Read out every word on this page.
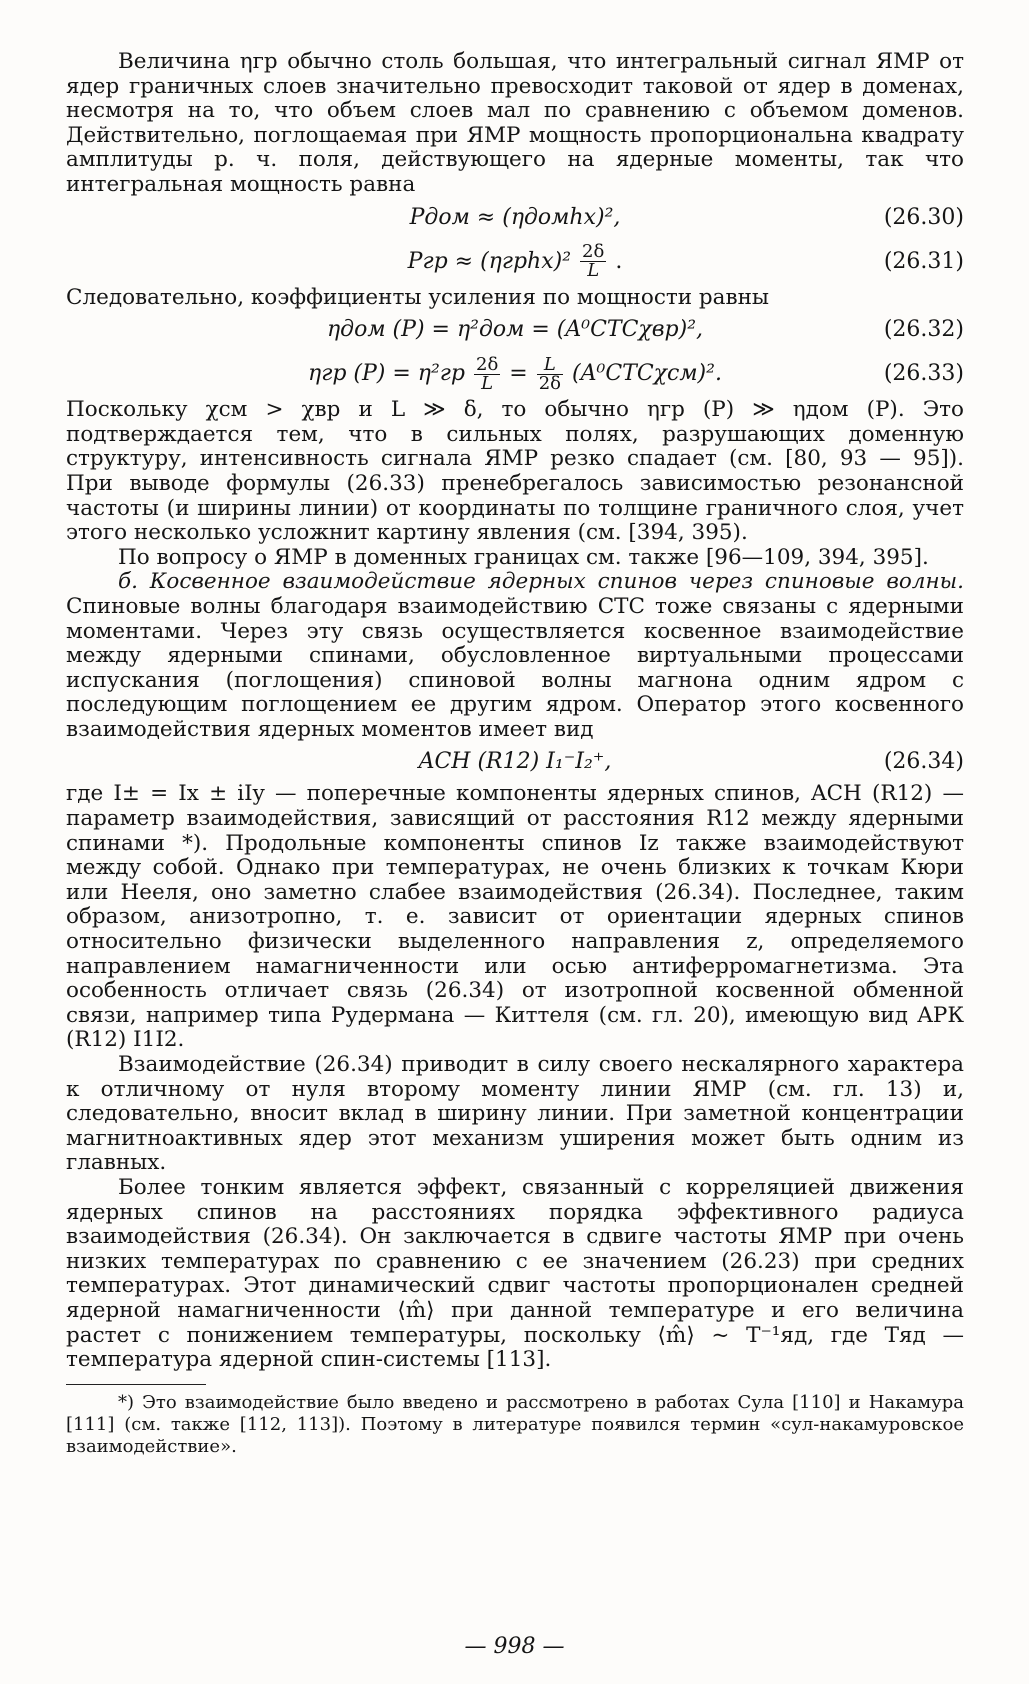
Величина ηгр обычно столь большая, что интегральный сигнал ЯМР от ядер граничных слоев значительно превосходит таковой от ядер в доменах, несмотря на то, что объем слоев мал по сравнению с объемом доменов. Действительно, поглощаемая при ЯМР мощность пропорциональна квадрату амплитуды р. ч. поля, действующего на ядерные моменты, так что интегральная мощность равна

Pдом ≈ (ηдомhx)²,	(26.30)
Pгр ≈ (ηгрhx)² $\frac{2\delta}{L}$ .	(26.31)

Следовательно, коэффициенты усиления по мощности равны

ηдом (P) = η²дом = (A⁰СТСχвр)²,	(26.32)
ηгр $(P) = \eta^2гр \frac{2\delta}{L} = \frac{L}{2\delta} (A^0СТС\chi см)^2$.	(26.33)

Поскольку χсм > χвр и L ≫ δ, то обычно ηгр (P) ≫ ηдом (P). Это подтверждается тем, что в сильных полях, разрушающих доменную структуру, интенсивность сигнала ЯМР резко спадает (см. [80, 93 — 95]). При выводе формулы (26.33) пренебрегалось зависимостью резонансной частоты (и ширины линии) от координаты по толщине граничного слоя, учет этого несколько усложнит картину явления (см. [394, 395).

По вопросу о ЯМР в доменных границах см. также [96—109, 394, 395].

б. Косвенное взаимодействие ядерных спинов через спиновые волны. Спиновые волны благодаря взаимодействию СТС тоже связаны с ядерными моментами. Через эту связь осуществляется косвенное взаимодействие между ядерными спинами, обусловленное виртуальными процессами испускания (поглощения) спиновой волны магнона одним ядром с последующим поглощением ее другим ядром. Оператор этого косвенного взаимодействия ядерных моментов имеет вид

AСН (R12) I₁⁻I₂⁺,	(26.34)

где I± = Ix ± iIy — поперечные компоненты ядерных спинов, AСН (R12) — параметр взаимодействия, зависящий от расстояния R12 между ядерными спинами *). Продольные компоненты спинов Iz также взаимодействуют между собой. Однако при температурах, не очень близких к точкам Кюри или Нееля, оно заметно слабее взаимодействия (26.34). Последнее, таким образом, анизотропно, т. е. зависит от ориентации ядерных спинов относительно физически выделенного направления z, определяемого направлением намагниченности или осью антиферромагнетизма. Эта особенность отличает связь (26.34) от изотропной косвенной обменной связи, например типа Рудермана — Киттеля (см. гл. 20), имеющую вид AРК (R12) I1I2.

Взаимодействие (26.34) приводит в силу своего нескалярного характера к отличному от нуля второму моменту линии ЯМР (см. гл. 13) и, следовательно, вносит вклад в ширину линии. При заметной концентрации магнитноактивных ядер этот механизм уширения может быть одним из главных.

Более тонким является эффект, связанный с корреляцией движения ядерных спинов на расстояниях порядка эффективного радиуса взаимодействия (26.34). Он заключается в сдвиге частоты ЯМР при очень низких температурах по сравнению с ее значением (26.23) при средних температурах. Этот динамический сдвиг частоты пропорционален средней ядерной намагниченности ⟨m̂⟩ при данной температуре и его величина растет с понижением температуры, поскольку ⟨m̂⟩ ~ T⁻¹яд, где Tяд — температура ядерной спин-системы [113].

*) Это взаимодействие было введено и рассмотрено в работах Сула [110] и Накамура [111] (см. также [112, 113]). Поэтому в литературе появился термин «сул-накамуровское взаимодействие».

— 998 —
